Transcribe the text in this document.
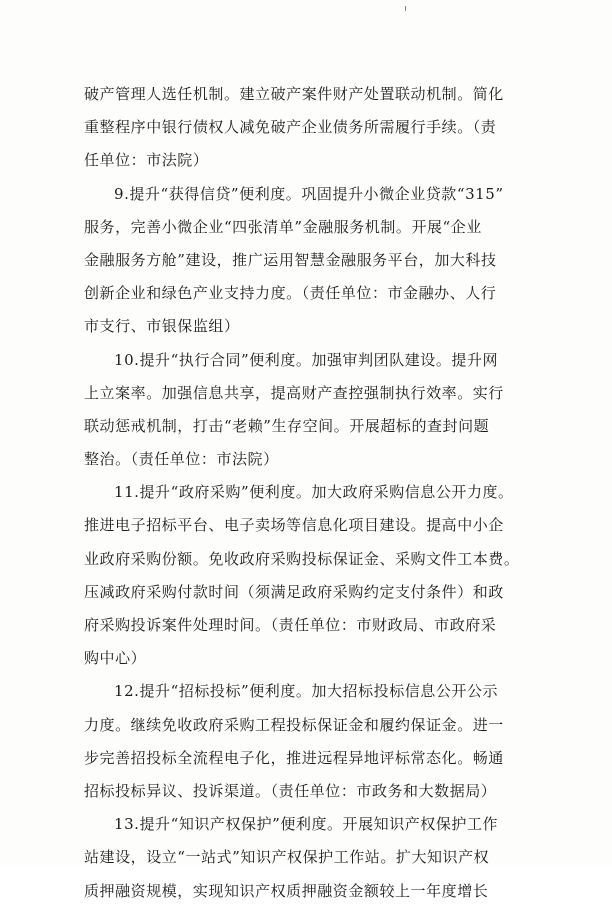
破产管理人选任机制。建立破产案件财产处置联动机制。简化
重整程序中银行债权人减免破产企业债务所需履行手续。（责
任单位：市法院）
9.提升“获得信贷”便利度。巩固提升小微企业贷款“315”
服务，完善小微企业“四张清单”金融服务机制。开展“企业
金融服务方舱”建设，推广运用智慧金融服务平台，加大科技
创新企业和绿色产业支持力度。（责任单位：市金融办、人行
市支行、市银保监组）
10.提升“执行合同”便利度。加强审判团队建设。提升网
上立案率。加强信息共享，提高财产查控强制执行效率。实行
联动惩戒机制，打击“老赖”生存空间。开展超标的查封问题
整治。（责任单位：市法院）
11.提升“政府采购”便利度。加大政府采购信息公开力度。
推进电子招标平台、电子卖场等信息化项目建设。提高中小企
业政府采购份额。免收政府采购投标保证金、采购文件工本费。
压减政府采购付款时间（须满足政府采购约定支付条件）和政
府采购投诉案件处理时间。（责任单位：市财政局、市政府采
购中心）
12.提升“招标投标”便利度。加大招标投标信息公开公示
力度。继续免收政府采购工程投标保证金和履约保证金。进一
步完善招投标全流程电子化，推进远程异地评标常态化。畅通
招标投标异议、投诉渠道。（责任单位：市政务和大数据局）
13.提升“知识产权保护”便利度。开展知识产权保护工作
站建设，设立“一站式”知识产权保护工作站。扩大知识产权
质押融资规模，实现知识产权质押融资金额较上一年度增长
